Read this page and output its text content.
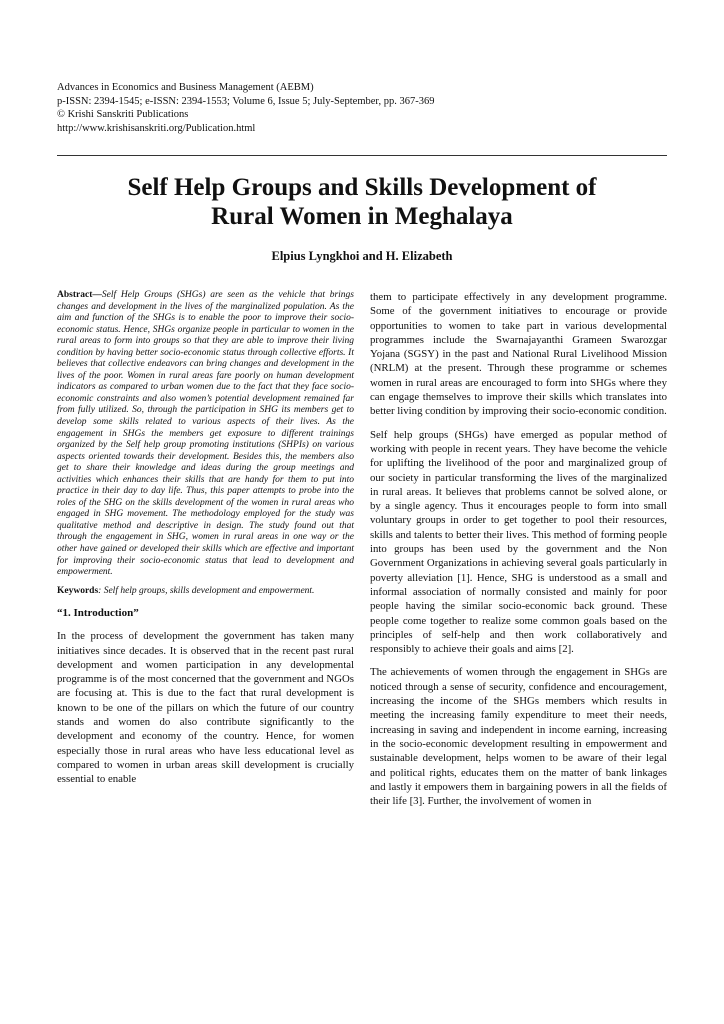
Advances in Economics and Business Management (AEBM)
p-ISSN: 2394-1545; e-ISSN: 2394-1553; Volume 6, Issue 5; July-September, pp. 367-369
© Krishi Sanskriti Publications
http://www.krishisanskriti.org/Publication.html
Self Help Groups and Skills Development of
Rural Women in Meghalaya
Elpius Lyngkhoi and H. Elizabeth

Abstract—Self Help Groups (SHGs) are seen as the vehicle that brings changes and development in the lives of the marginalized population. As the aim and function of the SHGs is to enable the poor to improve their socio-economic status. Hence, SHGs organize people in particular to women in the rural areas to form into groups so that they are able to improve their living condition by having better socio-economic status through collective efforts. It believes that collective endeavors can bring changes and development in the lives of the poor. Women in rural areas fare poorly on human development indicators as compared to urban women due to the fact that they face socio-economic constraints and also women’s potential development remained far from fully utilized. So, through the participation in SHG its members get to develop some skills related to various aspects of their lives. As the engagement in SHGs the members get exposure to different trainings organized by the Self help group promoting institutions (SHPIs) on various aspects oriented towards their development. Besides this, the members also get to share their knowledge and ideas during the group meetings and activities which enhances their skills that are handy for them to put into practice in their day to day life. Thus, this paper attempts to probe into the roles of the SHG on the skills development of the women in rural areas who engaged in SHG movement. The methodology employed for the study was qualitative method and descriptive in design. The study found out that through the engagement in SHG, women in rural areas in one way or the other have gained or developed their skills which are effective and important for improving their socio-economic status that lead to development and empowerment.

Keywords: Self help groups, skills development and empowerment.

“1. Introduction”

In the process of development the government has taken many initiatives since decades. It is observed that in the recent past rural development and women participation in any developmental programme is of the most concerned that the government and NGOs are focusing at. This is due to the fact that rural development is known to be one of the pillars on which the future of our country stands and women do also contribute significantly to the development and economy of the country. Hence, for women especially those in rural areas who have less educational level as compared to women in urban areas skill development is crucially essential to enable

them to participate effectively in any development programme. Some of the government initiatives to encourage or provide opportunities to women to take part in various developmental programmes include the Swarnajayanthi Grameen Swarozgar Yojana (SGSY) in the past and National Rural Livelihood Mission (NRLM) at the present. Through these programme or schemes women in rural areas are encouraged to form into SHGs where they can engage themselves to improve their skills which translates into better living condition by improving their socio-economic condition.

Self help groups (SHGs) have emerged as popular method of working with people in recent years. They have become the vehicle for uplifting the livelihood of the poor and marginalized group of our society in particular transforming the lives of the marginalized in rural areas. It believes that problems cannot be solved alone, or by a single agency. Thus it encourages people to form into small voluntary groups in order to get together to pool their resources, skills and talents to better their lives. This method of forming people into groups has been used by the government and the Non Government Organizations in achieving several goals particularly in poverty alleviation [1]. Hence, SHG is understood as a small and informal association of normally consisted and mainly for poor people having the similar socio-economic back ground. These people come together to realize some common goals based on the principles of self-help and then work collaboratively and responsibly to achieve their goals and aims [2].

The achievements of women through the engagement in SHGs are noticed through a sense of security, confidence and encouragement, increasing the income of the SHGs members which results in meeting the increasing family expenditure to meet their needs, increasing in saving and independent in income earning, increasing in the socio-economic development resulting in empowerment and sustainable development, helps women to be aware of their legal and political rights, educates them on the matter of bank linkages and lastly it empowers them in bargaining powers in all the fields of their life [3]. Further, the involvement of women in
